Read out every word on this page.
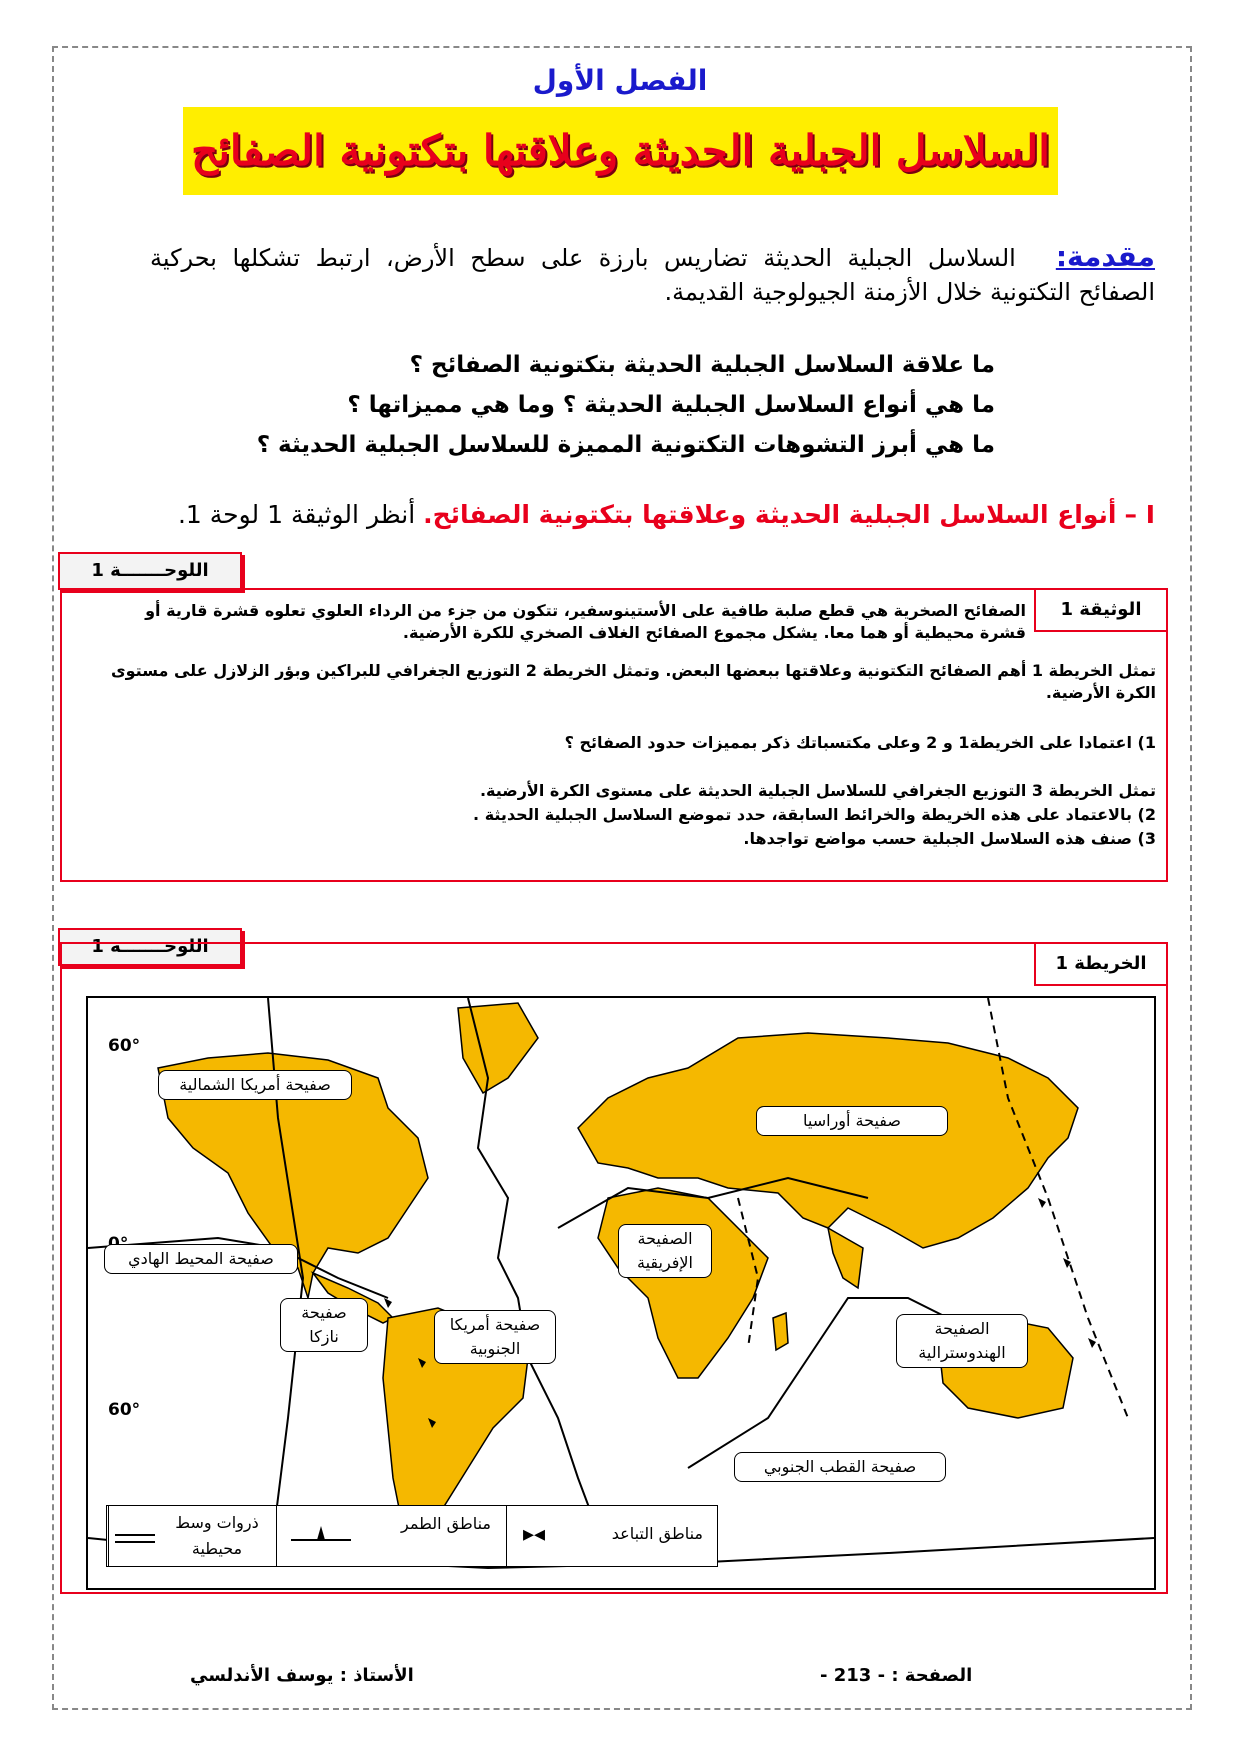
الفصل الأول
السلاسل الجبلية الحديثة وعلاقتها بتكتونية الصفائح
مقدمة:السلاسل الجبلية الحديثة تضاريس بارزة على سطح الأرض، ارتبط تشكلها بحركية الصفائح التكتونية خلال الأزمنة الجيولوجية القديمة.
ما علاقة السلاسل الجبلية الحديثة بتكتونية الصفائح ؟
ما هي أنواع السلاسل الجبلية الحديثة ؟ وما هي مميزاتها ؟
ما هي أبرز التشوهات التكتونية المميزة للسلاسل الجبلية الحديثة ؟
I – أنواع السلاسل الجبلية الحديثة وعلاقتها بتكتونية الصفائح. أنظر الوثيقة 1 لوحة 1.
اللوحـــــــة 1
الوثيقة 1
الصفائح الصخرية هي قطع صلبة طافية على الأستينوسفير، تتكون من جزء من الرداء العلوي تعلوه قشرة قارية أو
قشرة محيطية أو هما معا. يشكل مجموع الصفائح الغلاف الصخري للكرة الأرضية.
تمثل الخريطة 1 أهم الصفائح التكتونية وعلاقتها ببعضها البعض. وتمثل الخريطة 2 التوزيع الجغرافي للبراكين وبؤر الزلازل على مستوى الكرة الأرضية.
1) اعتمادا على الخريطة1 و 2 وعلى مكتسباتك ذكر بمميزات حدود الصفائح ؟
تمثل الخريطة 3 التوزيع الجغرافي للسلاسل الجبلية الحديثة على مستوى الكرة الأرضية.
2) بالاعتماد على هذه الخريطة والخرائط السابقة، حدد تموضع السلاسل الجبلية الحديثة .
3) صنف هذه السلاسل الجبلية حسب مواضع تواجدها.
اللوحـــــــة 1
الخريطة 1
60°
60°
صفيحة أمريكا الشمالية
صفيحة أوراسيا
الصفيحة الإفريقية
صفيحة المحيط الهادي
صفيحة نازكا
صفيحة أمريكا الجنوبية
الصفيحة الهندوسترالية
صفيحة القطب الجنوبي
مناطق التباعد
◂▸
مناطق الطمر
ذروات وسط محيطية
الصفحة : - 213 -
الأستاذ : يوسف الأندلسي
